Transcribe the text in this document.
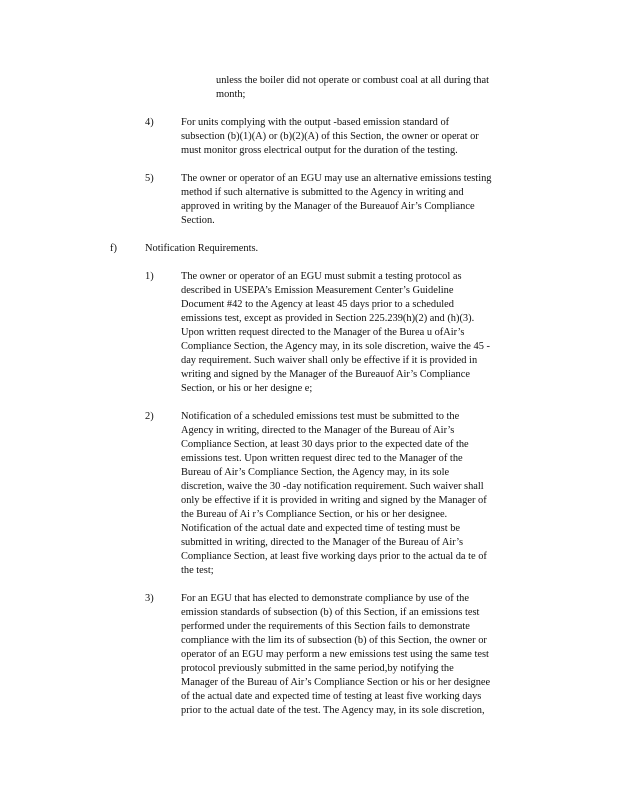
unless the boiler did not operate or combust coal at all during that
month;
4)	For units complying with the output -based emission standard of
subsection (b)(1)(A) or (b)(2)(A) of this Section, the owner or operat or
must monitor gross electrical output for the duration of the testing.
5)	The owner or operator of an EGU may use an alternative emissions testing
method if such alternative is submitted to the Agency in writing and
approved in writing by the Manager of the Bureauof Air’s Compliance
Section.
f)	Notification Requirements.
1)	The owner or operator of an EGU must submit a testing protocol as
described in USEPA’s Emission Measurement Center’s Guideline
Document #42 to the Agency at least 45 days prior to a scheduled
emissions test, except as provided in Section 225.239(h)(2) and (h)(3).
Upon written request directed to the Manager of the Burea u ofAir’s
Compliance Section, the Agency may, in its sole discretion, waive the 45 -
day requirement. Such waiver shall only be effective if it is provided in
writing and signed by the Manager of the Bureauof Air’s Compliance
Section, or his or her designe e;
2)	Notification of a scheduled emissions test must be submitted to the
Agency in writing, directed to the Manager of the Bureau of Air’s
Compliance Section, at least 30 days prior to the expected date of the
emissions test. Upon written request direc ted to the Manager of the
Bureau of Air’s Compliance Section, the Agency may, in its sole
discretion, waive the 30 -day notification requirement. Such waiver shall
only be effective if it is provided in writing and signed by the Manager of
the Bureau of Ai r’s Compliance Section, or his or her designee.
Notification of the actual date and expected time of testing must be
submitted in writing, directed to the Manager of the Bureau of Air’s
Compliance Section, at least five working days prior to the actual da te of
the test;
3)	For an EGU that has elected to demonstrate compliance by use of the
emission standards of subsection (b) of this Section, if an emissions test
performed under the requirements of this Section fails to demonstrate
compliance with the lim its of subsection (b) of this Section, the owner or
operator of an EGU may perform a new emissions test using the same test
protocol previously submitted in the same period,by notifying the
Manager of the Bureau of Air’s Compliance Section or his or her designee
of the actual date and expected time of testing at least five working days
prior to the actual date of the test. The Agency may, in its sole discretion,
